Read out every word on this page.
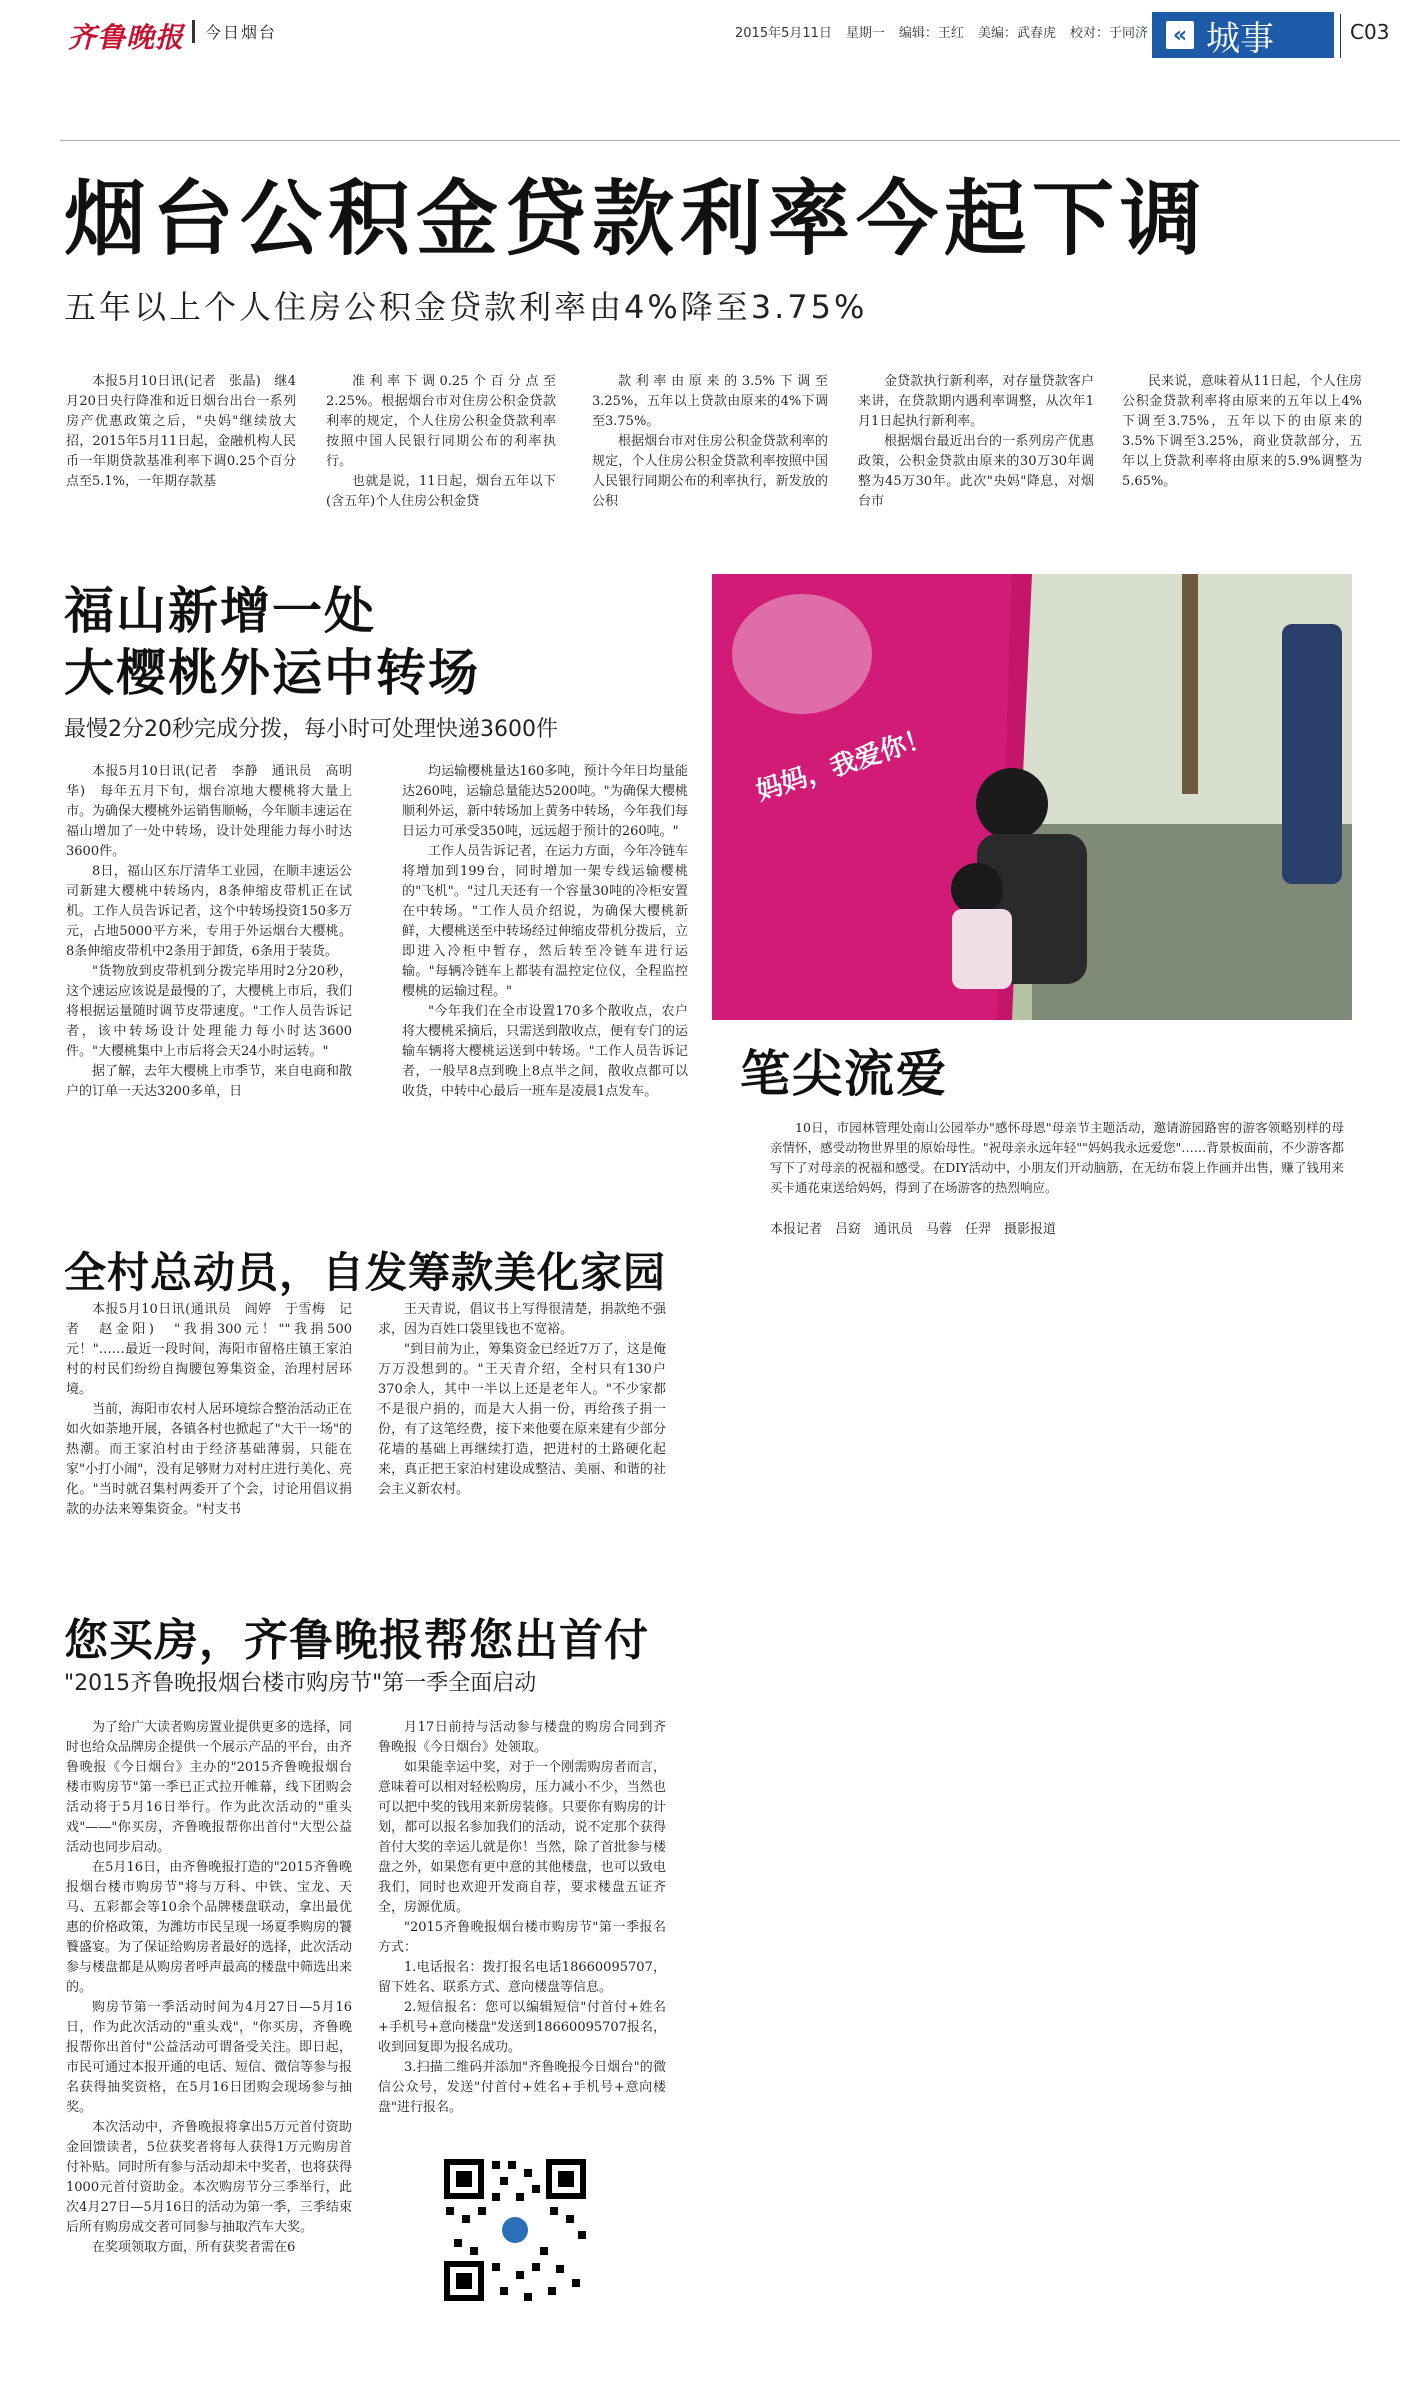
齐鲁晚报	今日烟台	2015年5月11日 星期一 编辑：王红 美编：武春虎 校对：于同济	« 城事	C03
烟台公积金贷款利率今起下调
五年以上个人住房公积金贷款利率由4%降至3.75%

本报5月10日讯(记者　张晶)　继4月20日央行降准和近日烟台出台一系列房产优惠政策之后，"央妈"继续放大招，2015年5月11日起，金融机构人民币一年期贷款基准利率下调0.25个百分点至5.1%，一年期存款基

准利率下调0.25个百分点至2.25%。根据烟台市对住房公积金贷款利率的规定，个人住房公积金贷款利率按照中国人民银行同期公布的利率执行。

也就是说，11日起，烟台五年以下(含五年)个人住房公积金贷

款利率由原来的3.5%下调至3.25%，五年以上贷款由原来的4%下调至3.75%。

根据烟台市对住房公积金贷款利率的规定，个人住房公积金贷款利率按照中国人民银行同期公布的利率执行，新发放的公积

金贷款执行新利率，对存量贷款客户来讲，在贷款期内遇利率调整，从次年1月1日起执行新利率。

根据烟台最近出台的一系列房产优惠政策，公积金贷款由原来的30万30年调整为45万30年。此次"央妈"降息，对烟台市

民来说，意味着从11日起，个人住房公积金贷款利率将由原来的五年以上4%下调至3.75%，五年以下的由原来的3.5%下调至3.25%，商业贷款部分，五年以上贷款利率将由原来的5.9%调整为5.65%。

福山新增一处
大樱桃外运中转场
最慢2分20秒完成分拨，每小时可处理快递3600件

本报5月10日讯(记者　李静　通讯员　高明华)　每年五月下旬，烟台凉地大樱桃将大量上市。为确保大樱桃外运销售顺畅，今年顺丰速运在福山增加了一处中转场，设计处理能力每小时达3600件。

8日，福山区东厅清华工业园，在顺丰速运公司新建大樱桃中转场内，8条伸缩皮带机正在试机。工作人员告诉记者，这个中转场投资150多万元，占地5000平方米，专用于外运烟台大樱桃。8条伸缩皮带机中2条用于卸货，6条用于装货。

"货物放到皮带机到分拨完毕用时2分20秒，这个速运应该说是最慢的了，大樱桃上市后，我们将根据运量随时调节皮带速度。"工作人员告诉记者，该中转场设计处理能力每小时达3600件。"大樱桃集中上市后将会天24小时运转。"

据了解，去年大樱桃上市季节，来自电商和散户的订单一天达3200多单，日

均运输樱桃量达160多吨，预计今年日均量能达260吨，运输总量能达5200吨。"为确保大樱桃顺利外运，新中转场加上黄务中转场，今年我们每日运力可承受350吨，远远超于预计的260吨。"

工作人员告诉记者，在运力方面，今年冷链车将增加到199台，同时增加一架专线运输樱桃的"飞机"。"过几天还有一个容量30吨的冷柜安置在中转场。"工作人员介绍说，为确保大樱桃新鲜，大樱桃送至中转场经过伸缩皮带机分拨后，立即进入冷柜中暂存，然后转至冷链车进行运输。"每辆冷链车上都装有温控定位仪，全程监控樱桃的运输过程。"

"今年我们在全市设置170多个散收点，农户将大樱桃采摘后，只需送到散收点，便有专门的运输车辆将大樱桃运送到中转场。"工作人员告诉记者，一般早8点到晚上8点半之间，散收点都可以收货，中转中心最后一班车是凌晨1点发车。

妈妈，我爱你！
笔尖流爱

10日，市园林管理处南山公园举办"感怀母恩"母亲节主题活动，邀请游园路窖的游客领略别样的母亲情怀，感受动物世界里的原始母性。"祝母亲永远年轻""妈妈我永远爱您"……背景板面前，不少游客都写下了对母亲的祝福和感受。在DIY活动中，小朋友们开动脑筋，在无纺布袋上作画并出售，赚了钱用来买卡通花束送给妈妈，得到了在场游客的热烈响应。

本报记者　吕窈　通讯员　马蓉　任羿　摄影报道
全村总动员，自发筹款美化家园

本报5月10日讯(通讯员　阎婷　于雪梅　记者　赵金阳)　"我捐300元！""我捐500元！"……最近一段时间，海阳市留格庄镇王家泊村的村民们纷纷自掏腰包筹集资金，治理村居环境。

当前，海阳市农村人居环境综合整治活动正在如火如荼地开展，各镇各村也掀起了"大干一场"的热潮。而王家泊村由于经济基础薄弱，只能在家"小打小闹"，没有足够财力对村庄进行美化、亮化。"当时就召集村两委开了个会，讨论用倡议捐款的办法来筹集资金。"村支书

王天青说，倡议书上写得很清楚，捐款绝不强求，因为百姓口袋里钱也不宽裕。

"到目前为止，筹集资金已经近7万了，这是俺万万没想到的。"王天青介绍，全村只有130户370余人，其中一半以上还是老年人。"不少家都不是很户捐的，而是大人捐一份，再给孩子捐一份，有了这笔经费，接下来他要在原来建有少部分花墙的基础上再继续打造，把进村的土路硬化起来，真正把王家泊村建设成整洁、美丽、和谐的社会主义新农村。

您买房，齐鲁晚报帮您出首付
"2015齐鲁晚报烟台楼市购房节"第一季全面启动

为了给广大读者购房置业提供更多的选择，同时也给众品牌房企提供一个展示产品的平台，由齐鲁晚报《今日烟台》主办的"2015齐鲁晚报烟台楼市购房节"第一季已正式拉开帷幕，线下团购会活动将于5月16日举行。作为此次活动的"重头戏"——"你买房，齐鲁晚报帮你出首付"大型公益活动也同步启动。

在5月16日，由齐鲁晚报打造的"2015齐鲁晚报烟台楼市购房节"将与万科、中铁、宝龙、天马、五彩都会等10余个品牌楼盘联动，拿出最优惠的价格政策，为潍坊市民呈现一场夏季购房的饕餮盛宴。为了保证给购房者最好的选择，此次活动参与楼盘都是从购房者呼声最高的楼盘中筛选出来的。

购房节第一季活动时间为4月27日—5月16日，作为此次活动的"重头戏"，"你买房，齐鲁晚报帮你出首付"公益活动可谓备受关注。即日起，市民可通过本报开通的电话、短信、微信等参与报名获得抽奖资格，在5月16日团购会现场参与抽奖。

本次活动中，齐鲁晚报将拿出5万元首付资助金回馈读者，5位获奖者将每人获得1万元购房首付补贴。同时所有参与活动却未中奖者，也将获得1000元首付资助金。本次购房节分三季举行，此次4月27日—5月16日的活动为第一季，三季结束后所有购房成交者可同参与抽取汽车大奖。

在奖项领取方面，所有获奖者需在6

月17日前持与活动参与楼盘的购房合同到齐鲁晚报《今日烟台》处领取。

如果能幸运中奖，对于一个刚需购房者而言，意味着可以相对轻松购房，压力减小不少，当然也可以把中奖的钱用来新房装修。只要你有购房的计划，都可以报名参加我们的活动，说不定那个获得首付大奖的幸运儿就是你！当然，除了首批参与楼盘之外，如果您有更中意的其他楼盘，也可以致电我们，同时也欢迎开发商自荐，要求楼盘五证齐全，房源优质。

"2015齐鲁晚报烟台楼市购房节"第一季报名方式：

1.电话报名：拨打报名电话18660095707，留下姓名、联系方式、意向楼盘等信息。

2.短信报名：您可以编辑短信"付首付+姓名+手机号+意向楼盘"发送到18660095707报名，收到回复即为报名成功。

3.扫描二维码并添加"齐鲁晚报今日烟台"的微信公众号，发送"付首付+姓名+手机号+意向楼盘"进行报名。
